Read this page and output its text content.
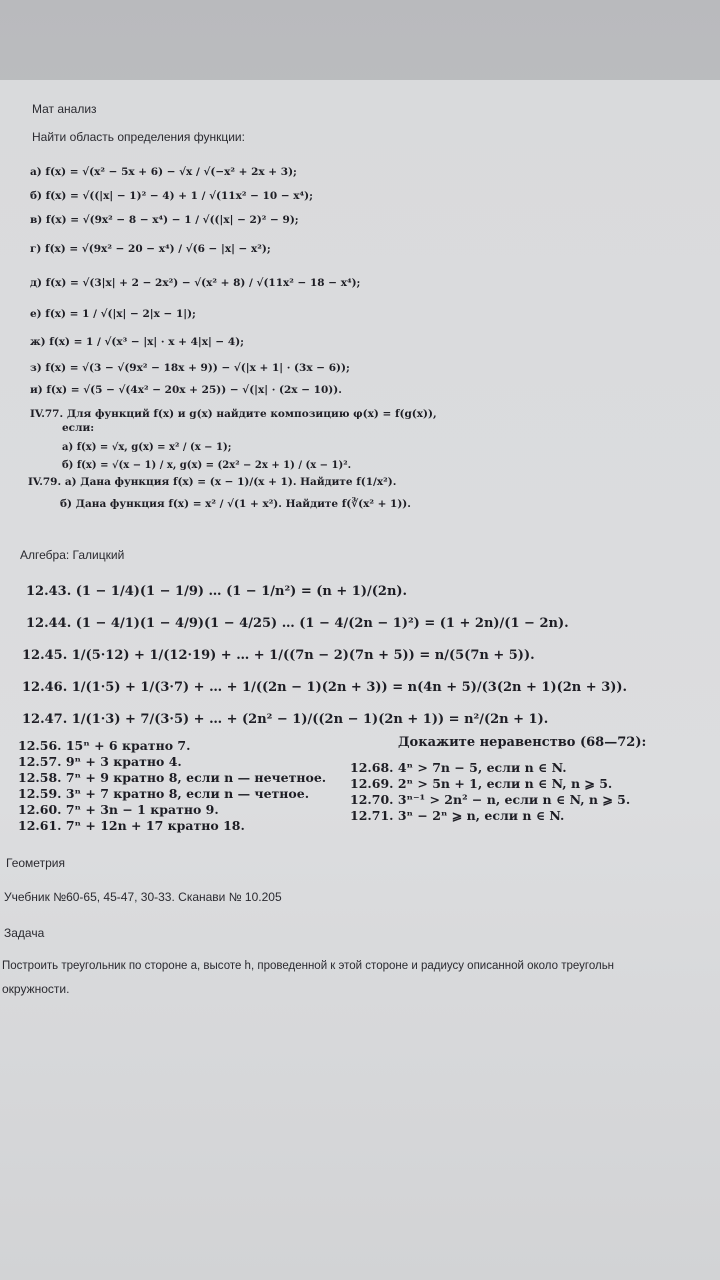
Мат анализ
Найти область определения функции:
а) f(x) = √(x² − 5x + 6) − √x / √(−x² + 2x + 3);
б) f(x) = √((|x| − 1)² − 4) + 1 / √(11x² − 10 − x⁴);
в) f(x) = √(9x² − 8 − x⁴) − 1 / √((|x| − 2)² − 9);
г) f(x) = √(9x² − 20 − x⁴) / √(6 − |x| − x²);
д) f(x) = √(3|x| + 2 − 2x²) − √(x² + 8) / √(11x² − 18 − x⁴);
е) f(x) = 1 / √(|x| − 2|x − 1|);
ж) f(x) = 1 / √(x³ − |x| · x + 4|x| − 4);
з) f(x) = √(3 − √(9x² − 18x + 9)) − √(|x + 1| · (3x − 6));
и) f(x) = √(5 − √(4x² − 20x + 25)) − √(|x| · (2x − 10)).
IV.77. Для функций f(x) и g(x) найдите композицию φ(x) = f(g(x)),
если:
а) f(x) = √x, g(x) = x² / (x − 1);
б) f(x) = √(x − 1) / x, g(x) = (2x² − 2x + 1) / (x − 1)².
IV.79. а) Дана функция f(x) = (x − 1)/(x + 1). Найдите f(1/x²).
б) Дана функция f(x) = x² / √(1 + x²). Найдите f(∛(x² + 1)).
Алгебра: Галицкий
12.43. (1 − 1/4)(1 − 1/9) … (1 − 1/n²) = (n + 1)/(2n).
12.44. (1 − 4/1)(1 − 4/9)(1 − 4/25) … (1 − 4/(2n − 1)²) = (1 + 2n)/(1 − 2n).
12.45. 1/(5·12) + 1/(12·19) + … + 1/((7n − 2)(7n + 5)) = n/(5(7n + 5)).
12.46. 1/(1·5) + 1/(3·7) + … + 1/((2n − 1)(2n + 3)) = n(4n + 5)/(3(2n + 1)(2n + 3)).
12.47. 1/(1·3) + 7/(3·5) + … + (2n² − 1)/((2n − 1)(2n + 1)) = n²/(2n + 1).
12.56. 15ⁿ + 6 кратно 7.
12.57. 9ⁿ + 3 кратно 4.
12.58. 7ⁿ + 9 кратно 8, если n — нечетное.
12.59. 3ⁿ + 7 кратно 8, если n — четное.
12.60. 7ⁿ + 3n − 1 кратно 9.
12.61. 7ⁿ + 12n + 17 кратно 18.
Докажите неравенство (68—72):
12.68. 4ⁿ > 7n − 5, если n ∈ N.
12.69. 2ⁿ > 5n + 1, если n ∈ N, n ⩾ 5.
12.70. 3ⁿ⁻¹ > 2n² − n, если n ∈ N, n ⩾ 5.
12.71. 3ⁿ − 2ⁿ ⩾ n, если n ∈ N.
Геометрия
Учебник №60-65, 45-47, 30-33. Сканави № 10.205
Задача
Построить треугольник по стороне a, высоте h, проведенной к этой стороне и радиусу описанной около треугольн
окружности.
